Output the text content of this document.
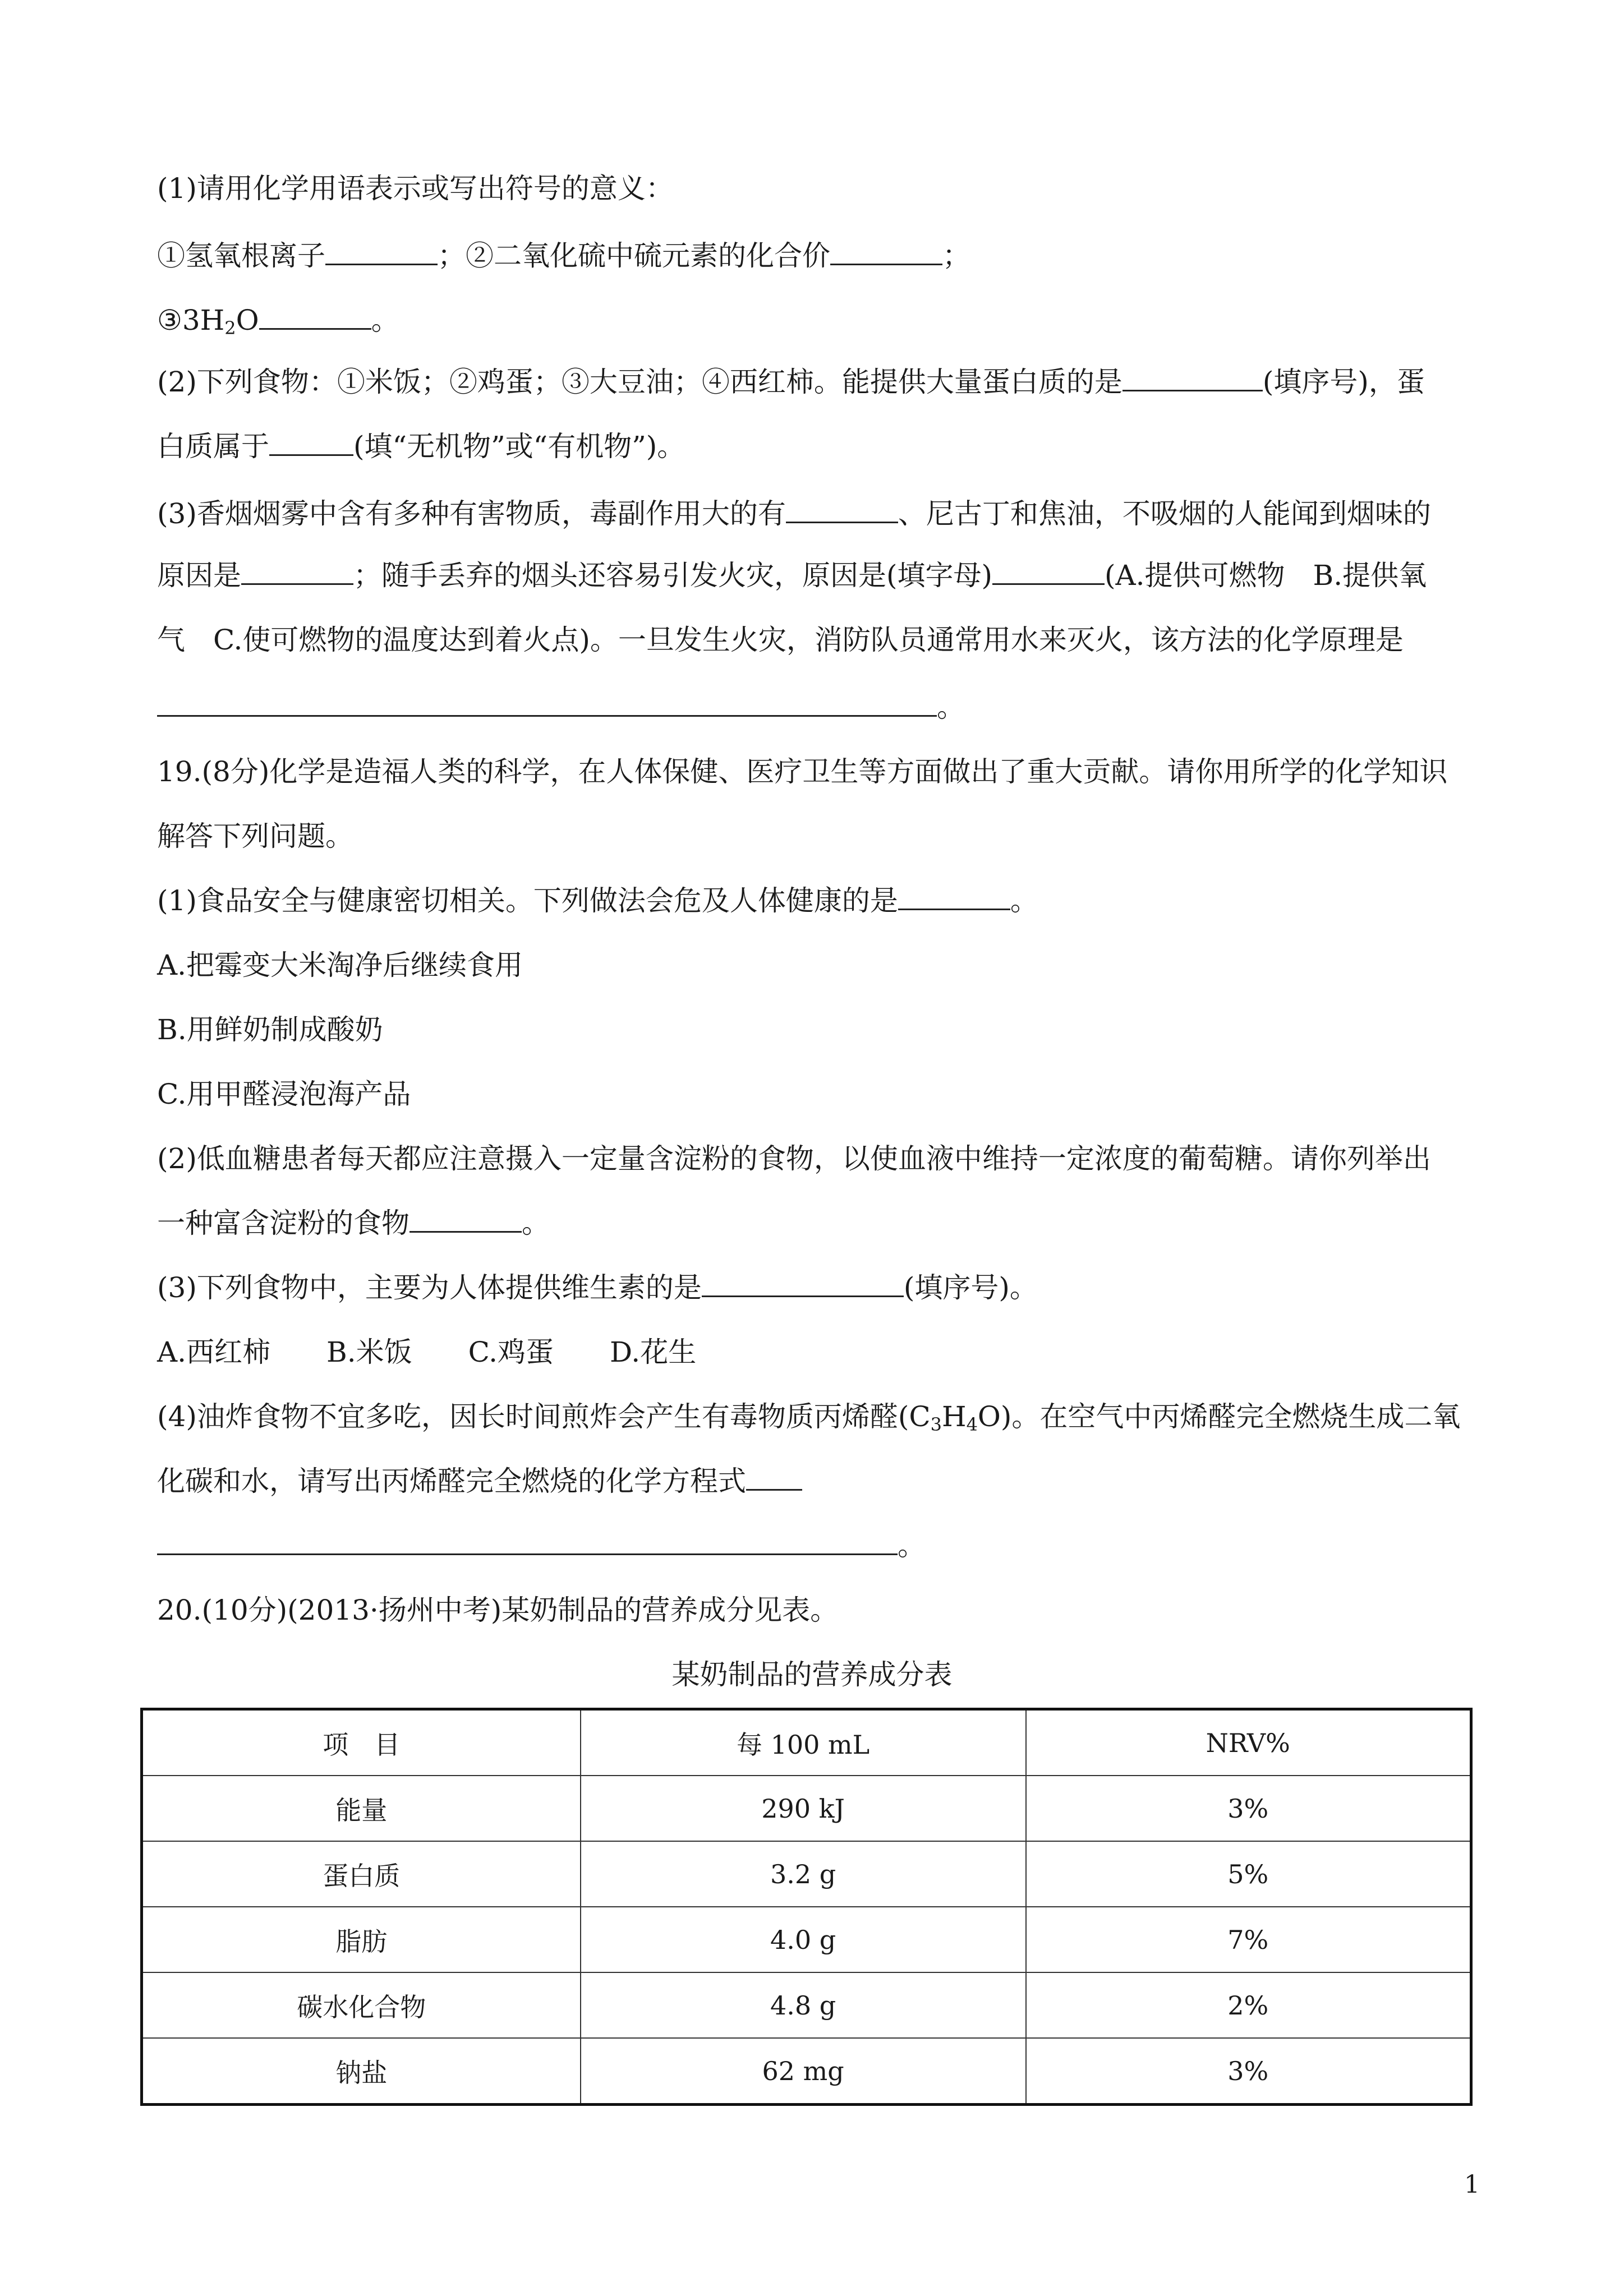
(1)请用化学用语表示或写出符号的意义：
①氢氧根离子	；②二氧化硫中硫元素的化合价	；
$③3H_2O$	。
(2)下列食物：①米饭；②鸡蛋；③大豆油；④西红柿。能提供大量蛋白质的是	(填序号)，蛋
白质属于	(填“无机物”或“有机物”)。
(3)香烟烟雾中含有多种有害物质，毒副作用大的有	、尼古丁和焦油，不吸烟的人能闻到烟味的
原因是	；随手丢弃的烟头还容易引发火灾，原因是(填字母)	(A.提供可燃物　B.提供氧
气　C.使可燃物的温度达到着火点)。一旦发生火灾，消防队员通常用水来灭火，该方法的化学原理是
。
19.(8分)化学是造福人类的科学，在人体保健、医疗卫生等方面做出了重大贡献。请你用所学的化学知识
解答下列问题。
(1)食品安全与健康密切相关。下列做法会危及人体健康的是	。
A.把霉变大米淘净后继续食用
B.用鲜奶制成酸奶
C.用甲醛浸泡海产品
(2)低血糖患者每天都应注意摄入一定量含淀粉的食物，以使血液中维持一定浓度的葡萄糖。请你列举出
一种富含淀粉的食物	。
(3)下列食物中，主要为人体提供维生素的是	(填序号)。
A.西红柿　　B.米饭　　C.鸡蛋　　D.花生
(4)油炸食物不宜多吃，因长时间煎炸会产生有毒物质丙烯醛$(C_3H_4O)$。在空气中丙烯醛完全燃烧生成二氧
化碳和水，请写出丙烯醛完全燃烧的化学方程式
。
20.(10分)(2013·扬州中考)某奶制品的营养成分见表。
某奶制品的营养成分表
项　目	每 100 mL	NRV%
能量	290 kJ	3%
蛋白质	3.2 g	5%
脂肪	4.0 g	7%
碳水化合物	4.8 g	2%
钠盐	62 mg	3%
1
